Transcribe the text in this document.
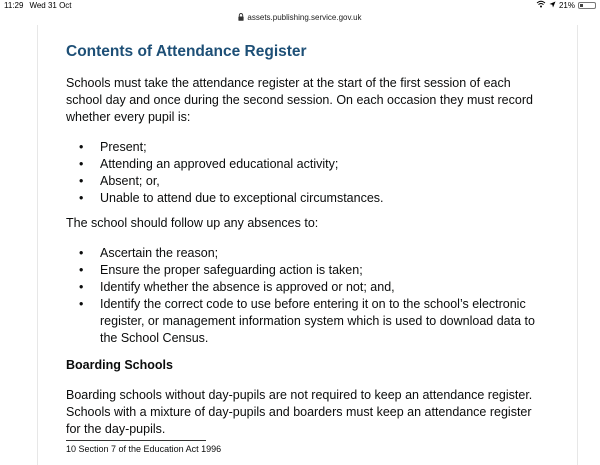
11:29 Wed 31 Oct	21%
assets.publishing.service.gov.uk
Contents of Attendance Register

Schools must take the attendance register at the start of the first session of each school day and once during the second session. On each occasion they must record whether every pupil is:

• Present;
• Attending an approved educational activity;
• Absent; or,
• Unable to attend due to exceptional circumstances.

The school should follow up any absences to:

• Ascertain the reason;
• Ensure the proper safeguarding action is taken;
• Identify whether the absence is approved or not; and,
• Identify the correct code to use before entering it on to the school’s electronic register, or management information system which is used to download data to the School Census.
Boarding Schools

Boarding schools without day-pupils are not required to keep an attendance register. Schools with a mixture of day-pupils and boarders must keep an attendance register for the day-pupils.

10 Section 7 of the Education Act 1996
